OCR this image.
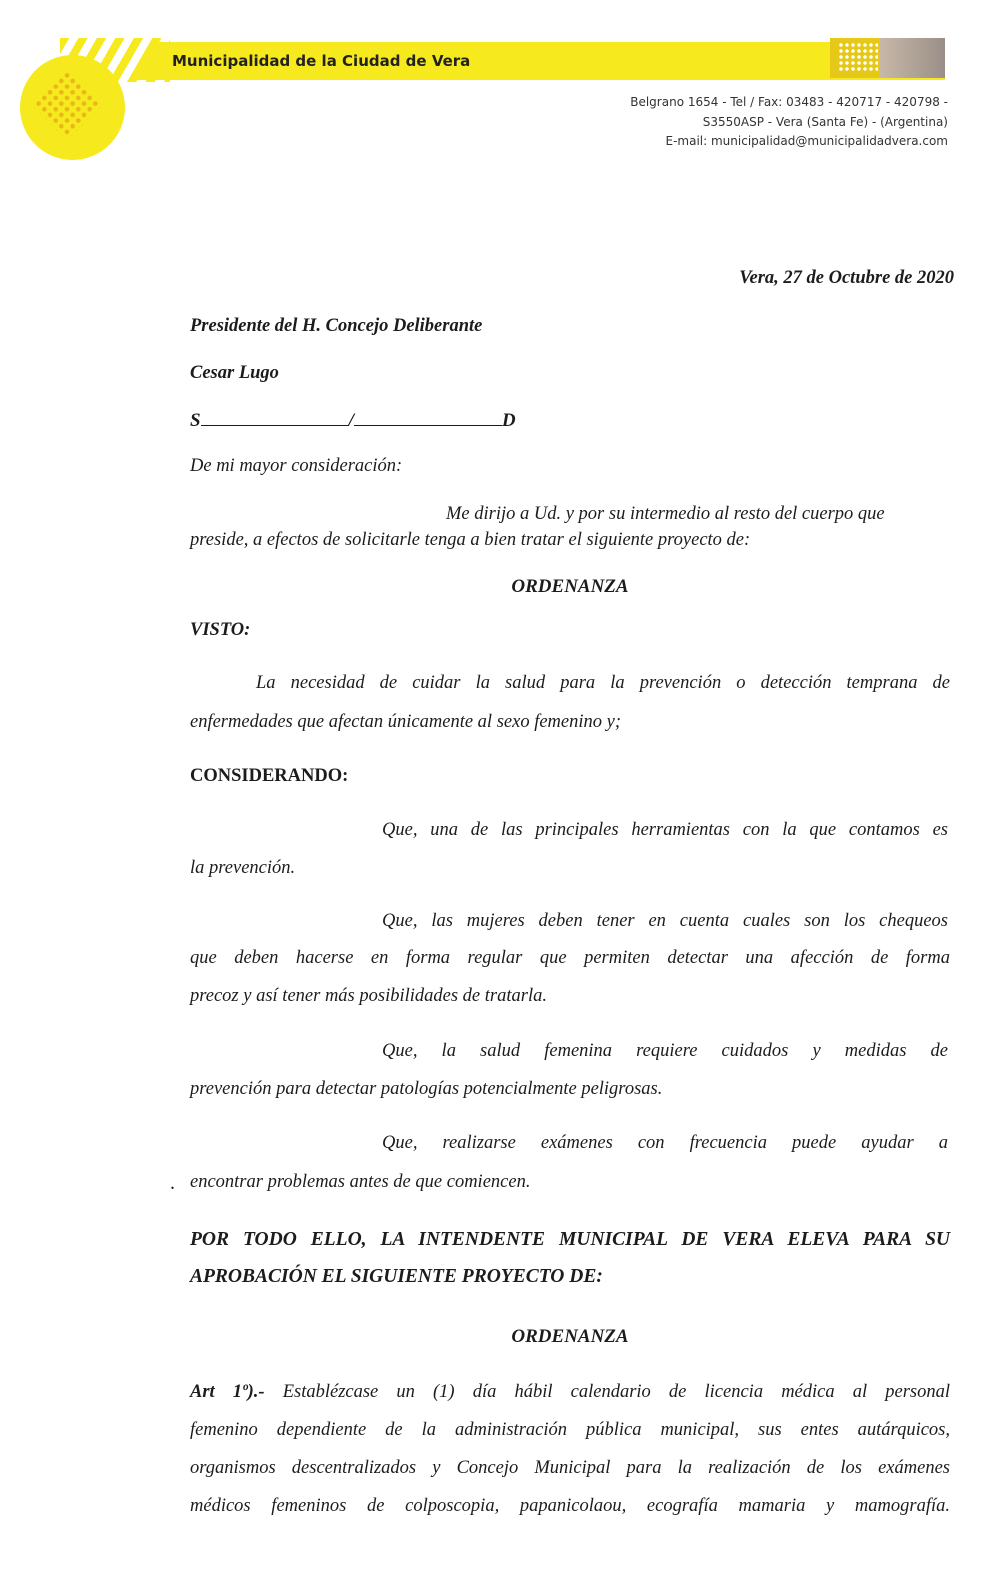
Municipalidad de la Ciudad de Vera
Belgrano 1654 - Tel / Fax: 03483 - 420717 - 420798 -
S3550ASP - Vera (Santa Fe) - (Argentina)
E-mail: municipalidad@municipalidadvera.com
Vera, 27 de Octubre de 2020
Presidente del H. Concejo Deliberante
Cesar Lugo
S	/	D
De mi mayor consideración:
Me dirijo a Ud. y por su intermedio al resto del cuerpo que
preside, a efectos de solicitarle tenga a bien tratar el siguiente proyecto de:
ORDENANZA
VISTO:
La necesidad de cuidar la salud para la prevención o detección temprana de
enfermedades que afectan únicamente al sexo femenino y;
CONSIDERANDO:
Que, una de las principales herramientas con la que contamos es
la prevención.
Que, las mujeres deben tener en cuenta cuales son los chequeos
que deben hacerse en forma regular que permiten detectar una afección de forma
precoz y así tener más posibilidades de tratarla.
Que, la salud femenina requiere cuidados y medidas de
prevención para detectar patologías potencialmente peligrosas.
Que, realizarse exámenes con frecuencia puede ayudar a
. encontrar problemas antes de que comiencen.
POR TODO ELLO, LA INTENDENTE MUNICIPAL DE VERA ELEVA PARA SU
APROBACIÓN EL SIGUIENTE PROYECTO DE:
ORDENANZA
Art 1º).- Establézcase un (1) día hábil calendario de licencia médica al personal
femenino dependiente de la administración pública municipal, sus entes autárquicos,
organismos descentralizados y Concejo Municipal para la realización de los exámenes
médicos femeninos de colposcopia, papanicolaou, ecografía mamaria y mamografía.
